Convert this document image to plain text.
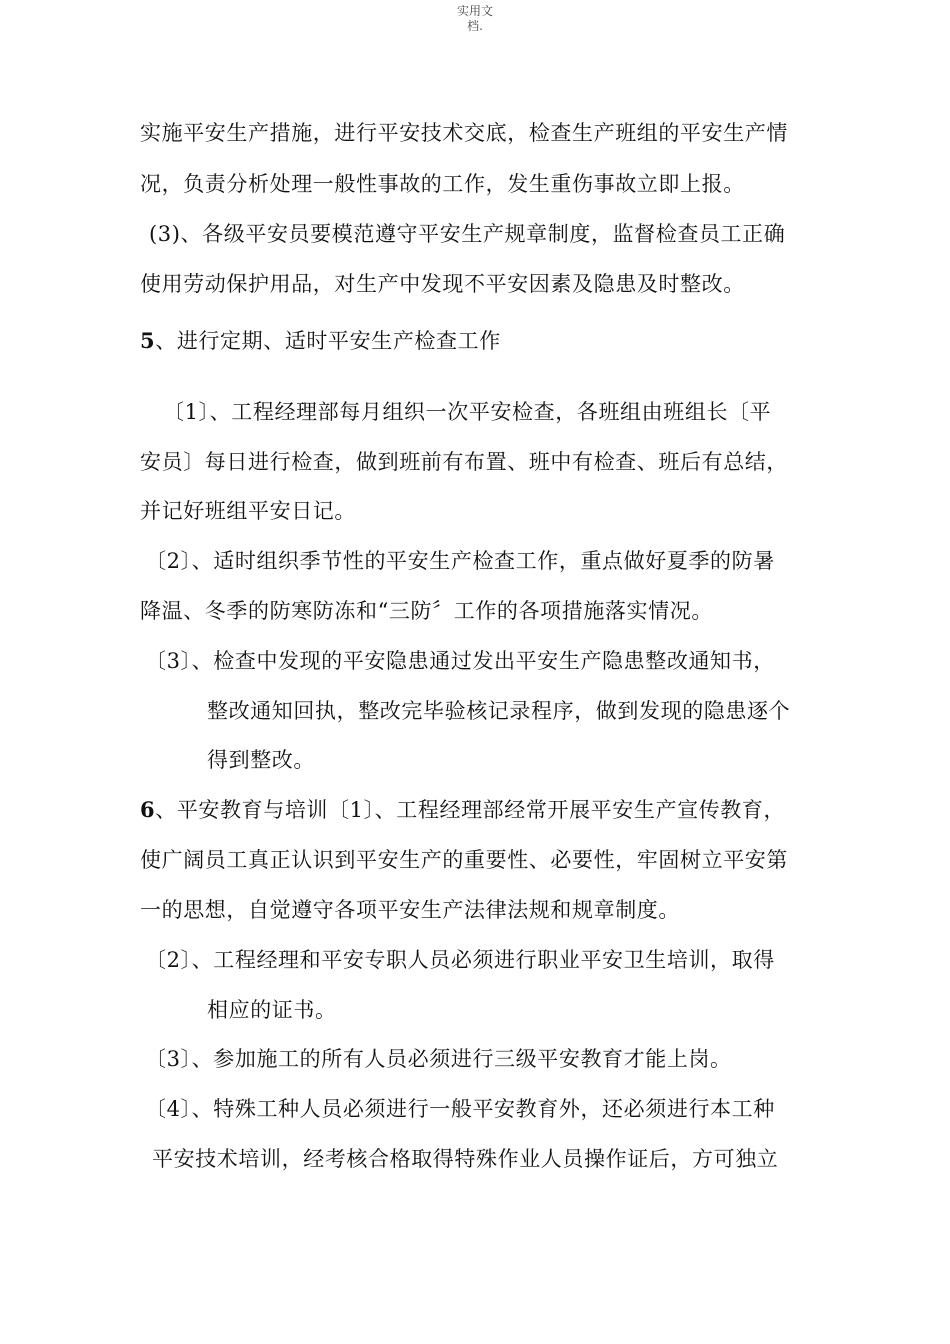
实用文
档.
实施平安生产措施，进行平安技术交底，检查生产班组的平安生产情
况，负责分析处理一般性事故的工作，发生重伤事故立即上报。
(3)、各级平安员要模范遵守平安生产规章制度，监督检查员工正确
使用劳动保护用品，对生产中发现不平安因素及隐患及时整改。
5、进行定期、适时平安生产检查工作
〔1〕、工程经理部每月组织一次平安检查，各班组由班组长〔平
安员〕每日进行检查，做到班前有布置、班中有检查、班后有总结，
并记好班组平安日记。
〔2〕、适时组织季节性的平安生产检查工作，重点做好夏季的防暑
降温、冬季的防寒防冻和“三防〞工作的各项措施落实情况。
〔3〕、检查中发现的平安隐患通过发出平安生产隐患整改通知书，
整改通知回执，整改完毕验核记录程序，做到发现的隐患逐个
得到整改。
6、平安教育与培训〔1〕、工程经理部经常开展平安生产宣传教育，
使广阔员工真正认识到平安生产的重要性、必要性，牢固树立平安第
一的思想，自觉遵守各项平安生产法律法规和规章制度。
〔2〕、工程经理和平安专职人员必须进行职业平安卫生培训，取得
相应的证书。
〔3〕、参加施工的所有人员必须进行三级平安教育才能上岗。
〔4〕、特殊工种人员必须进行一般平安教育外，还必须进行本工种
平安技术培训，经考核合格取得特殊作业人员操作证后，方可独立
